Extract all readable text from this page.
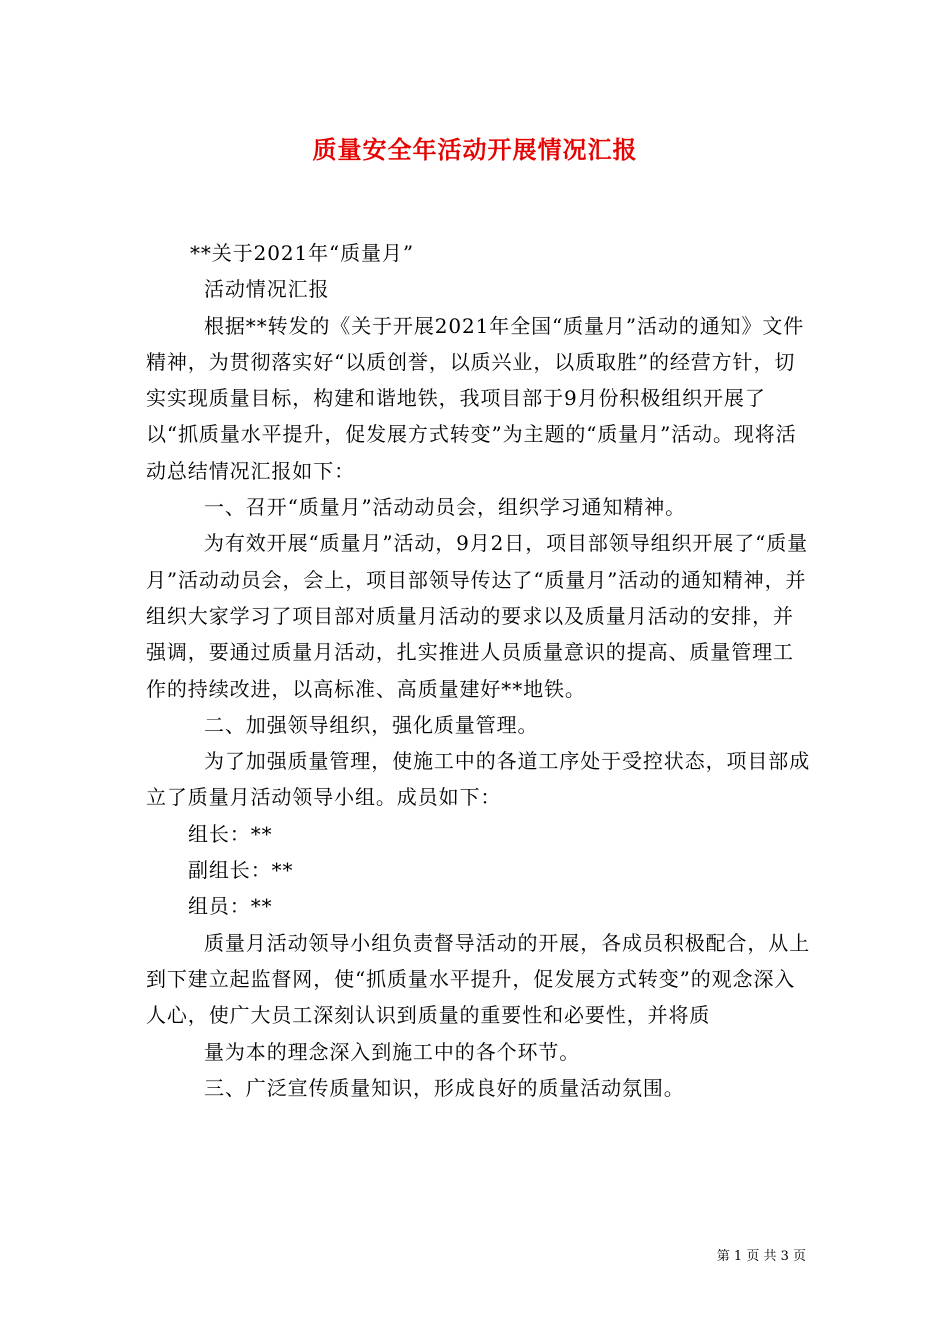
质量安全年活动开展情况汇报

**关于2021年“质量月”

活动情况汇报

根据**转发的《关于开展2021年全国“质量月”活动的通知》文件精神，为贯彻落实好“以质创誉，以质兴业，以质取胜”的经营方针，切实实现质量目标，构建和谐地铁，我项目部于9月份积极组织开展了以“抓质量水平提升，促发展方式转变”为主题的“质量月”活动。现将活动总结情况汇报如下：

一、召开“质量月”活动动员会，组织学习通知精神。

为有效开展“质量月”活动，9月2日，项目部领导组织开展了“质量月”活动动员会，会上，项目部领导传达了“质量月”活动的通知精神，并组织大家学习了项目部对质量月活动的要求以及质量月活动的安排，并强调，要通过质量月活动，扎实推进人员质量意识的提高、质量管理工作的持续改进，以高标准、高质量建好**地铁。

二、加强领导组织，强化质量管理。

为了加强质量管理，使施工中的各道工序处于受控状态，项目部成立了质量月活动领导小组。成员如下：

组长：**

副组长：**

组员：**

质量月活动领导小组负责督导活动的开展，各成员积极配合，从上到下建立起监督网，使“抓质量水平提升，促发展方式转变”的观念深入人心，使广大员工深刻认识到质量的重要性和必要性，并将质

量为本的理念深入到施工中的各个环节。

三、广泛宣传质量知识，形成良好的质量活动氛围。

第 1 页 共 3 页
